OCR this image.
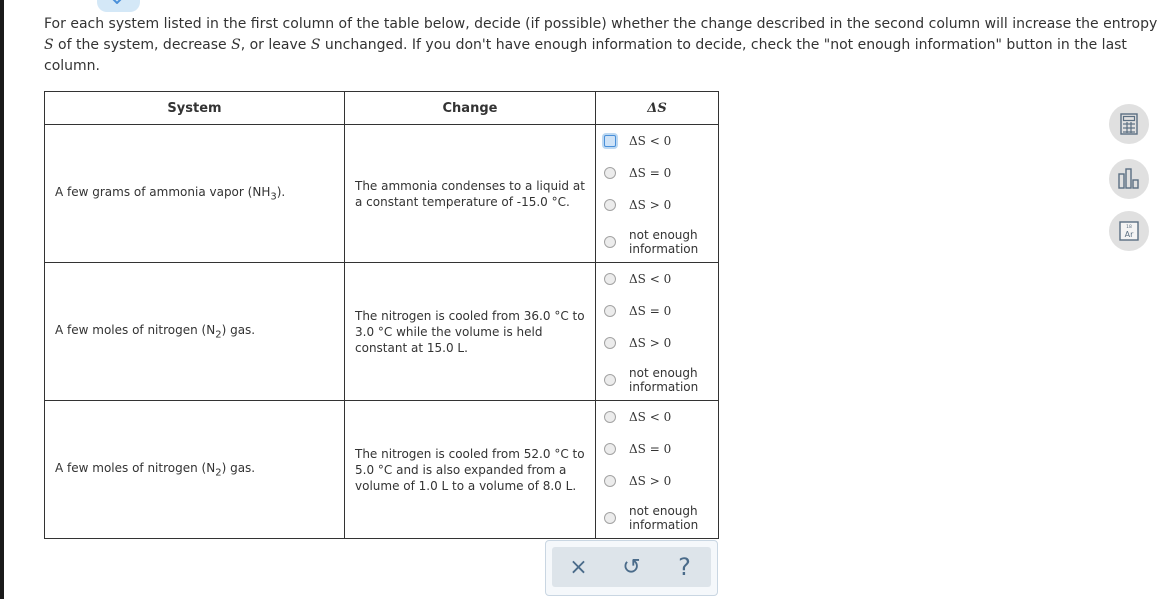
For each system listed in the first column of the table below, decide (if possible) whether the change described in the second column will increase the entropy S of the system, decrease S, or leave S unchanged. If you don't have enough information to decide, check the "not enough information" button in the last column.
System	Change	ΔS
A few grams of ammonia vapor $(NH_3)$.	The ammonia condenses to a liquid at a constant temperature of -15.0 °C.	ΔS < 0
ΔS = 0
ΔS > 0
not enough
information

A few moles of nitrogen $(N_2)$ gas.	The nitrogen is cooled from 36.0 °C to 3.0 °C while the volume is held constant at 15.0 L.	ΔS < 0
ΔS = 0
ΔS > 0
not enough
information

A few moles of nitrogen $(N_2)$ gas.	The nitrogen is cooled from 52.0 °C to 5.0 °C and is also expanded from a volume of 1.0 L to a volume of 8.0 L.	ΔS < 0
ΔS = 0
ΔS > 0
not enough
information
18
Ar
× ↺ ?
